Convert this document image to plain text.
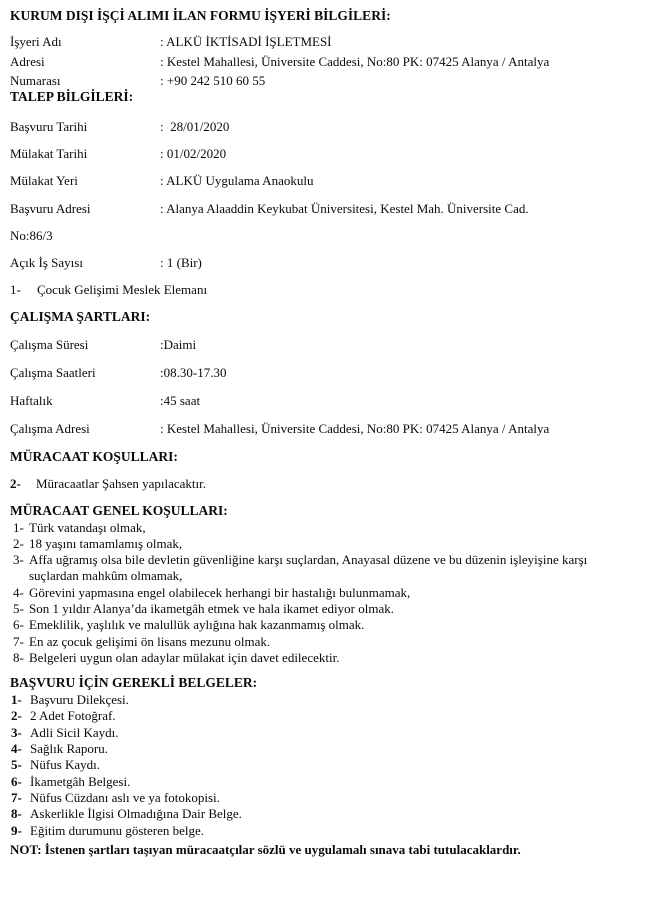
KURUM DIŞI İŞÇİ ALIMI İLAN FORMU İŞYERİ BİLGİLERİ:
İşyeri Adı	: ALKÜ İKTİSADİ İŞLETMESİ
Adresi	: Kestel Mahallesi, Üniversite Caddesi, No:80 PK: 07425 Alanya / Antalya
Numarası	: +90 242 510 60 55
TALEP BİLGİLERİ:
Başvuru Tarihi	:  28/01/2020
Mülakat Tarihi	: 01/02/2020
Mülakat Yeri	: ALKÜ Uygulama Anaokulu
Başvuru Adresi	: Alanya Alaaddin Keykubat Üniversitesi, Kestel Mah. Üniversite Cad.
No:86/3
Açık İş Sayısı	: 1 (Bir)
1-	Çocuk Gelişimi Meslek Elemanı
ÇALIŞMA ŞARTLARI:
Çalışma Süresi	:Daimi
Çalışma Saatleri	:08.30-17.30
Haftalık	:45 saat
Çalışma Adresi	: Kestel Mahallesi, Üniversite Caddesi, No:80 PK: 07425 Alanya / Antalya
MÜRACAAT KOŞULLARI:
2-	Müracaatlar Şahsen yapılacaktır.
MÜRACAAT GENEL KOŞULLARI:
1- Türk vatandaşı olmak,
2- 18 yaşını tamamlamış olmak,
3- Affa uğramış olsa bile devletin güvenliğine karşı suçlardan, Anayasal düzene ve bu düzenin işleyişine karşı suçlardan mahkûm olmamak,
4- Görevini yapmasına engel olabilecek herhangi bir hastalığı bulunmamak,
5- Son 1 yıldır Alanya’da ikametgâh etmek ve hala ikamet ediyor olmak.
6- Emeklilik, yaşlılık ve malullük aylığına hak kazanmamış olmak.
7- En az çocuk gelişimi ön lisans mezunu olmak.
8- Belgeleri uygun olan adaylar mülakat için davet edilecektir.
BAŞVURU İÇİN GEREKLİ BELGELER:
1- Başvuru Dilekçesi.
2- 2 Adet Fotoğraf.
3- Adli Sicil Kaydı.
4- Sağlık Raporu.
5- Nüfus Kaydı.
6- İkametgâh Belgesi.
7- Nüfus Cüzdanı aslı ve ya fotokopisi.
8- Askerlikle İlgisi Olmadığına Dair Belge.
9- Eğitim durumunu gösteren belge.
NOT: İstenen şartları taşıyan müracaatçılar sözlü ve uygulamalı sınava tabi tutulacaklardır.
